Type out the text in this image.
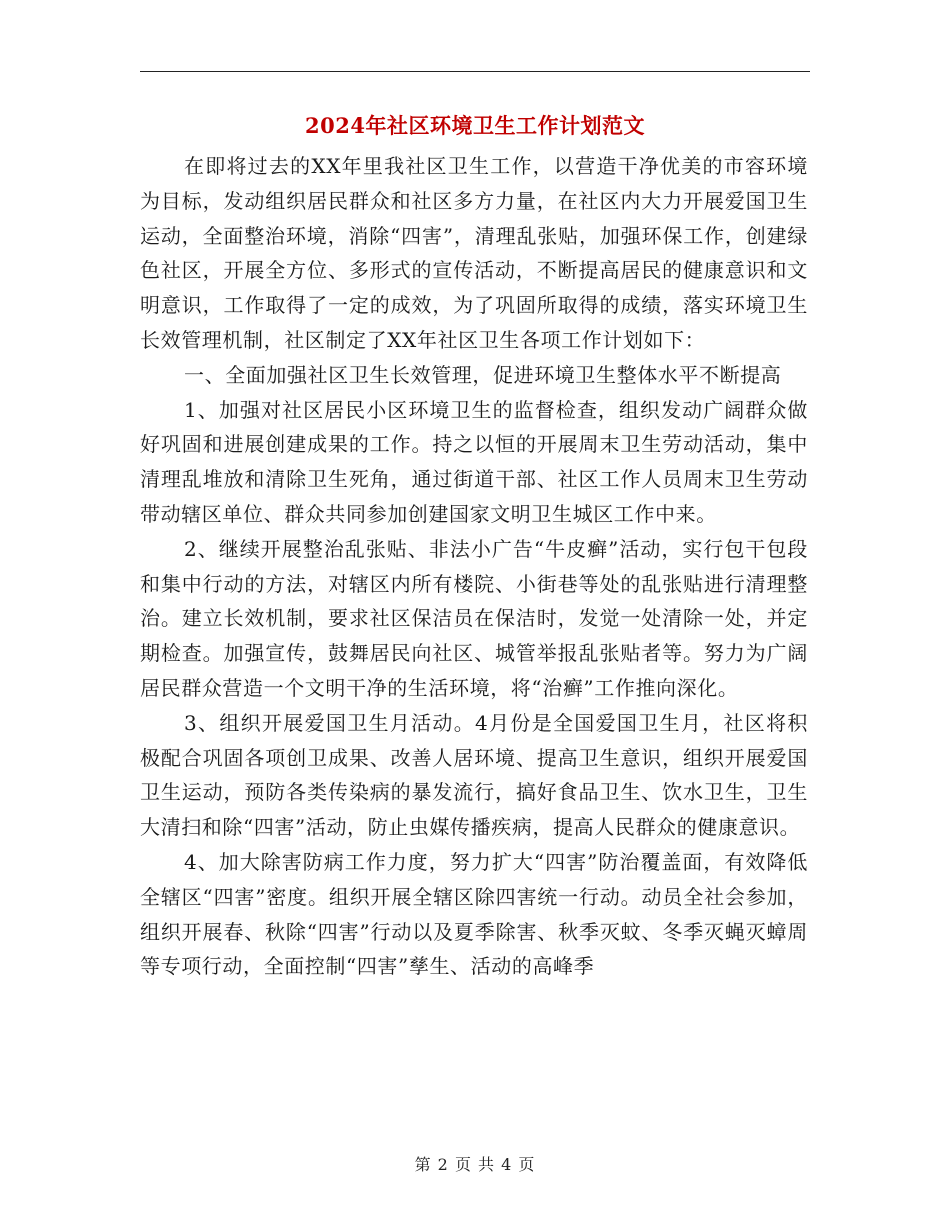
2024年社区环境卫生工作计划范文

在即将过去的XX年里我社区卫生工作，以营造干净优美的市容环境为目标，发动组织居民群众和社区多方力量，在社区内大力开展爱国卫生运动，全面整治环境，消除“四害”，清理乱张贴，加强环保工作，创建绿色社区，开展全方位、多形式的宣传活动，不断提高居民的健康意识和文明意识，工作取得了一定的成效，为了巩固所取得的成绩，落实环境卫生长效管理机制，社区制定了XX年社区卫生各项工作计划如下：

一、全面加强社区卫生长效管理，促进环境卫生整体水平不断提高

1、加强对社区居民小区环境卫生的监督检查，组织发动广阔群众做好巩固和进展创建成果的工作。持之以恒的开展周末卫生劳动活动，集中清理乱堆放和清除卫生死角，通过街道干部、社区工作人员周末卫生劳动带动辖区单位、群众共同参加创建国家文明卫生城区工作中来。

2、继续开展整治乱张贴、非法小广告“牛皮癣”活动，实行包干包段和集中行动的方法，对辖区内所有楼院、小街巷等处的乱张贴进行清理整治。建立长效机制，要求社区保洁员在保洁时，发觉一处清除一处，并定期检查。加强宣传，鼓舞居民向社区、城管举报乱张贴者等。努力为广阔居民群众营造一个文明干净的生活环境，将“治癣”工作推向深化。

3、组织开展爱国卫生月活动。4月份是全国爱国卫生月，社区将积极配合巩固各项创卫成果、改善人居环境、提高卫生意识，组织开展爱国卫生运动，预防各类传染病的暴发流行，搞好食品卫生、饮水卫生，卫生大清扫和除“四害”活动，防止虫媒传播疾病，提高人民群众的健康意识。

4、加大除害防病工作力度，努力扩大“四害”防治覆盖面，有效降低全辖区“四害”密度。组织开展全辖区除四害统一行动。动员全社会参加，组织开展春、秋除“四害”行动以及夏季除害、秋季灭蚊、冬季灭蝇灭蟑周等专项行动，全面控制“四害”孳生、活动的高峰季

第 2 页 共 4 页
